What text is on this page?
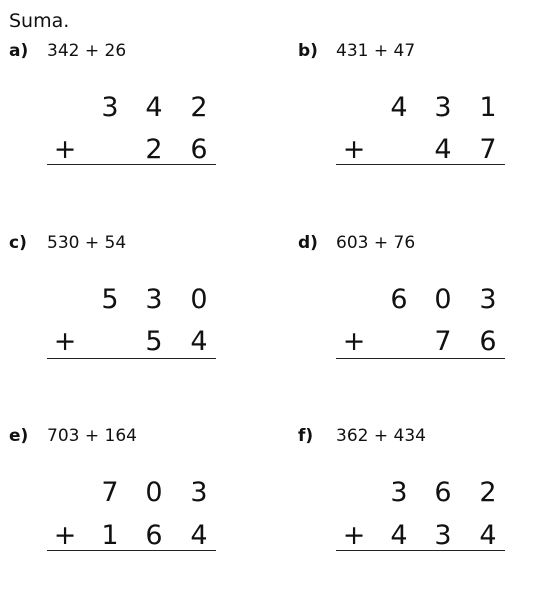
Suma.
a) 342 + 26
3 4 2
+	2 6
b) 431 + 47
4 3 1
+	4 7
c) 530 + 54
5 3 0
+	5 4
d) 603 + 76
6 0 3
+	7 6
e) 703 + 164
7 0 3
+ 1 6 4
f) 362 + 434
3 6 2
+ 4 3 4
